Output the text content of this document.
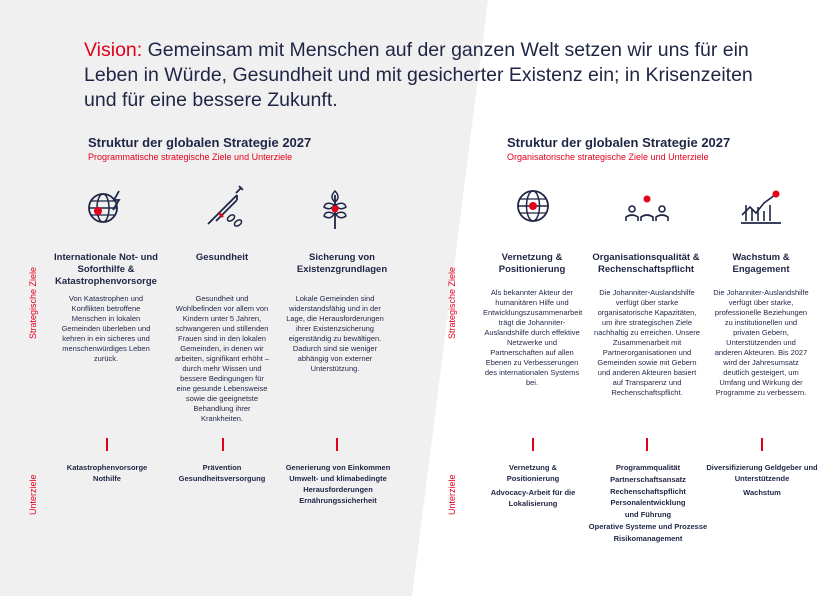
Vision: Gemeinsam mit Menschen auf der ganzen Welt setzen wir uns für ein Leben in Würde, Gesundheit und mit gesicherter Existenz ein; in Krisenzeiten und für eine bessere Zukunft.
Strategische Ziele
Unterziele
Strategische Ziele
Unterziele
Struktur der globalen Strategie 2027
Programmatische strategische Ziele und Unterziele
Struktur der globalen Strategie 2027
Organisatorische strategische Ziele und Unterziele
Internationale Not- und Soforthilfe & Katastrophenvorsorge
Gesundheit	Sicherung von Existenzgrundlagen
Vernetzung & Positionierung
Organisationsqualität & Rechenschaftspflicht
Wachstum & Engagement
Von Katastrophen und Konflikten betroffene Menschen in lokalen Gemeinden überleben und kehren in ein sicheres und menschenwürdiges Leben zurück.
Gesundheit und Wohlbefinden vor allem von Kindern unter 5 Jahren, schwangeren und stillenden Frauen sind in den lokalen Gemeinden, in denen wir arbeiten, signifikant erhöht – durch mehr Wissen und bessere Bedingungen für eine gesunde Lebensweise sowie die geeignetste Behandlung ihrer Krankheiten.
Lokale Gemeinden sind widerstandsfähig und in der Lage, die Herausforderungen ihrer Existenzsicherung eigenständig zu bewältigen. Dadurch sind sie weniger abhängig von externer Unterstützung.
Als bekannter Akteur der humanitären Hilfe und Entwicklungszusammenarbeit trägt die Johanniter-Auslandshilfe durch effektive Netzwerke und Partnerschaften auf allen Ebenen zu Verbesserungen des internationalen Systems bei.
Die Johanniter-Auslandshilfe verfügt über starke organisatorische Kapazitäten, um ihre strategischen Ziele nachhaltig zu erreichen. Unsere Zusammenarbeit mit Partnerorganisationen und Gemeinden sowie mit Gebern und anderen Akteuren basiert auf Transparenz und Rechenschaftspflicht.
Die Johanniter-Auslandshilfe verfügt über starke, professionelle Beziehungen zu institutionellen und privaten Gebern, Unterstützenden und anderen Akteuren. Bis 2027 wird der Jahresumsatz deutlich gesteigert, um Umfang und Wirkung der Programme zu verbessern.
Katastrophenvorsorge
Nothilfe
Prävention
Gesundheitsversorgung
Generierung von Einkommen
Umwelt- und klimabedingte Herausforderungen
Ernährungssicherheit
Vernetzung & Positionierung
Advocacy-Arbeit für die Lokalisierung
Programmqualität
Partnerschaftsansatz
Rechenschaftspflicht
Personalentwicklung und Führung
Operative Systeme und Prozesse
Risikomanagement
Diversifizierung Geldgeber und Unterstützende
Wachstum
